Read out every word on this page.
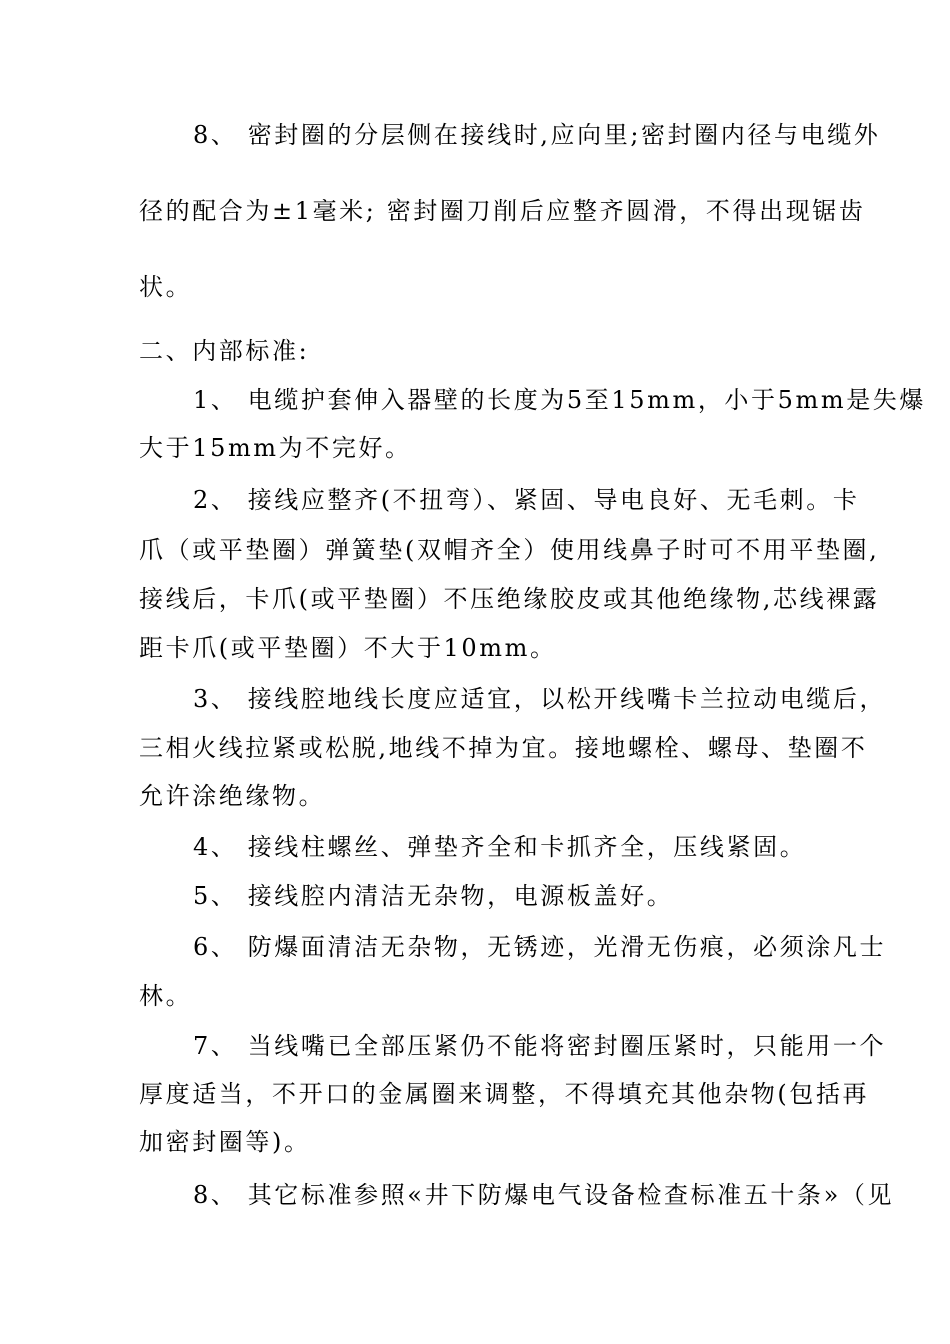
8、 密封圈的分层侧在接线时,应向里;密封圈内径与电缆外
径的配合为±1毫米; 密封圈刀削后应整齐圆滑，不得出现锯齿
状。
二、内部标准:
1、 电缆护套伸入器壁的长度为5至15mm，小于5mm是失爆
大于15mm为不完好。
2、 接线应整齐(不扭弯）、紧固、导电良好、无毛刺。卡
爪（或平垫圈）弹簧垫(双帽齐全）使用线鼻子时可不用平垫圈,
接线后，卡爪(或平垫圈）不压绝缘胶皮或其他绝缘物,芯线裸露
距卡爪(或平垫圈）不大于10mm。
3、 接线腔地线长度应适宜，以松开线嘴卡兰拉动电缆后，
三相火线拉紧或松脱,地线不掉为宜。接地螺栓、螺母、垫圈不
允许涂绝缘物。
4、 接线柱螺丝、弹垫齐全和卡抓齐全，压线紧固。
5、 接线腔内清洁无杂物，电源板盖好。
6、 防爆面清洁无杂物，无锈迹，光滑无伤痕，必须涂凡士
林。
7、 当线嘴已全部压紧仍不能将密封圈压紧时，只能用一个
厚度适当，不开口的金属圈来调整，不得填充其他杂物(包括再
加密封圈等)。
8、 其它标准参照«井下防爆电气设备检查标准五十条»（见
